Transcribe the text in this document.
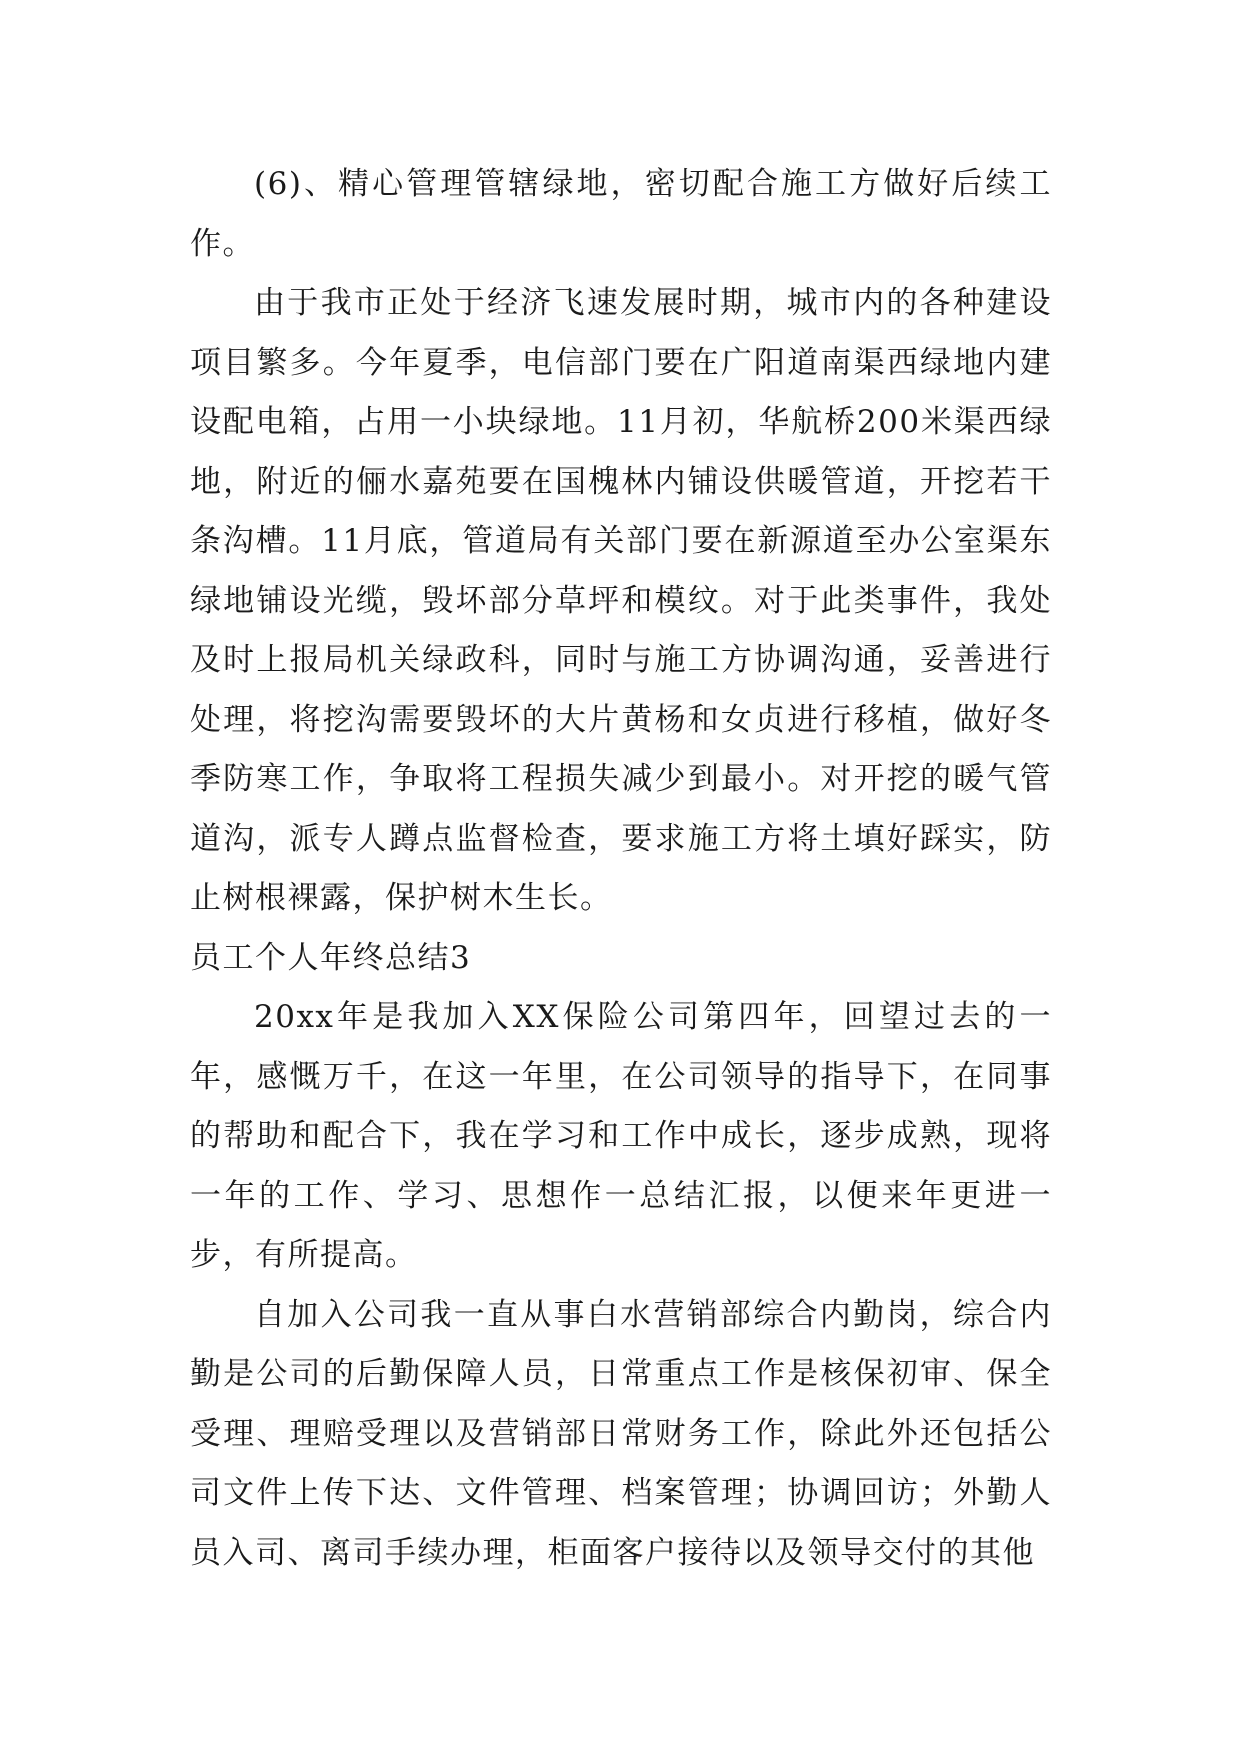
(6)、精心管理管辖绿地，密切配合施工方做好后续工作。

由于我市正处于经济飞速发展时期，城市内的各种建设项目繁多。今年夏季，电信部门要在广阳道南渠西绿地内建设配电箱，占用一小块绿地。11月初，华航桥200米渠西绿地，附近的俪水嘉苑要在国槐林内铺设供暖管道，开挖若干条沟槽。11月底，管道局有关部门要在新源道至办公室渠东绿地铺设光缆，毁坏部分草坪和模纹。对于此类事件，我处及时上报局机关绿政科，同时与施工方协调沟通，妥善进行处理，将挖沟需要毁坏的大片黄杨和女贞进行移植，做好冬季防寒工作，争取将工程损失减少到最小。对开挖的暖气管道沟，派专人蹲点监督检查，要求施工方将土填好踩实，防止树根裸露，保护树木生长。

员工个人年终总结3

20xx年是我加入XX保险公司第四年，回望过去的一年，感慨万千，在这一年里，在公司领导的指导下，在同事的帮助和配合下，我在学习和工作中成长，逐步成熟，现将一年的工作、学习、思想作一总结汇报，以便来年更进一步，有所提高。

自加入公司我一直从事白水营销部综合内勤岗，综合内勤是公司的后勤保障人员，日常重点工作是核保初审、保全受理、理赔受理以及营销部日常财务工作，除此外还包括公司文件上传下达、文件管理、档案管理；协调回访；外勤人员入司、离司手续办理，柜面客户接待以及领导交付的其他
